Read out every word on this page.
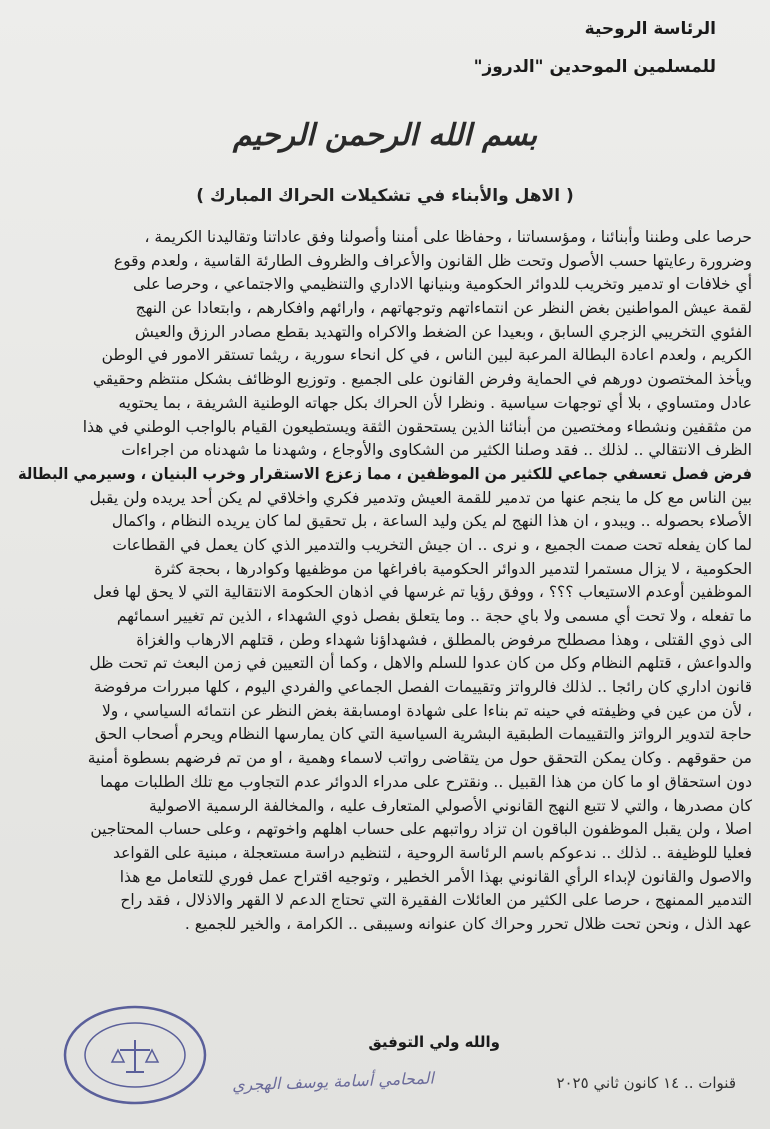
الرئاسة الروحية
للمسلمين الموحدين "الدروز"
بسم الله الرحمن الرحيم
( الاهل والأبناء في تشكيلات الحراك المبارك )
حرصا على وطننا وأبنائنا ، ومؤسساتنا ، وحفاظا على أمننا وأصولنا وفق عاداتنا وتقاليدنا الكريمة ،
وضرورة رعايتها حسب الأصول وتحت ظل القانون والأعراف والظروف الطارئة القاسية ، ولعدم وقوع
أي خلافات او تدمير وتخريب للدوائر الحكومية وبنيانها الاداري والتنظيمي والاجتماعي ، وحرصا على
لقمة عيش المواطنين بغض النظر عن انتماءاتهم وتوجهاتهم ، وارائهم وافكارهم ، وابتعادا عن النهج
الفئوي التخريبي الزجري السابق ، وبعيدا عن الضغط والاكراه والتهديد بقطع مصادر الرزق والعيش
الكريم ، ولعدم اعادة البطالة المرعبة لبين الناس ، في كل انحاء سورية ، ريثما تستقر الامور في الوطن
ويأخذ المختصون دورهم في الحماية وفرض القانون على الجميع . وتوزيع الوظائف بشكل منتظم وحقيقي
عادل ومتساوي ، بلا أي توجهات سياسية . ونظرا لأن الحراك بكل جهاته الوطنية الشريفة ، بما يحتويه
من مثقفين ونشطاء ومختصين من أبنائنا الذين يستحقون الثقة ويستطيعون القيام بالواجب الوطني في هذا
الظرف الانتقالي .. لذلك .. فقد وصلنا الكثير من الشكاوى والأوجاع ، وشهدنا ما شهدناه من اجراءات
فرض فصل تعسفي جماعي للكثير من الموظفين ، مما زعزع الاستقرار وخرب البنيان ، وسيرمي البطالة
بين الناس مع كل ما ينجم عنها من تدمير للقمة العيش وتدمير فكري واخلاقي لم يكن أحد يريده ولن يقبل
الأصلاء بحصوله .. ويبدو ، ان هذا النهج لم يكن وليد الساعة ، بل تحقيق لما كان يريده النظام ، واكمال
لما كان يفعله تحت صمت الجميع ، و نرى .. ان جيش التخريب والتدمير الذي كان يعمل في القطاعات
الحكومية ، لا يزال مستمرا لتدمير الدوائر الحكومية بافراغها من موظفيها وكوادرها ، بحجة كثرة
الموظفين أوعدم الاستيعاب ؟؟؟ ، ووفق رؤيا تم غرسها في اذهان الحكومة الانتقالية التي لا يحق لها فعل
ما تفعله ، ولا تحت أي مسمى ولا باي حجة .. وما يتعلق بفصل ذوي الشهداء ، الذين تم تغيير اسمائهم
الى ذوي القتلى ، وهذا مصطلح مرفوض بالمطلق ، فشهداؤنا شهداء وطن ، قتلهم الارهاب والغزاة
والدواعش ، قتلهم النظام وكل من كان عدوا للسلم والاهل ، وكما أن التعيين في زمن البعث تم تحت ظل
قانون اداري كان رائجا .. لذلك فالرواتز وتقييمات الفصل الجماعي والفردي اليوم ، كلها مبررات مرفوضة
، لأن من عين في وظيفته في حينه تم بناءا على شهادة اومسابقة بغض النظر عن انتمائه السياسي ، ولا
حاجة لتدوير الرواتز والتقييمات الطبقية البشرية السياسية التي كان يمارسها النظام ويحرم أصحاب الحق
من حقوقهم . وكان يمكن التحقق حول من يتقاضى رواتب لاسماء وهمية ، او من تم فرضهم بسطوة أمنية
دون استحقاق او ما كان من هذا القبيل .. ونقترح على مدراء الدوائر عدم التجاوب مع تلك الطلبات مهما
كان مصدرها ، والتي لا تتبع النهج القانوني الأصولي المتعارف عليه ، والمخالفة الرسمية الاصولية
اصلا ، ولن يقبل الموظفون الباقون ان تزاد رواتبهم على حساب اهلهم واخوتهم ، وعلى حساب المحتاجين
فعليا للوظيفة .. لذلك .. ندعوكم باسم الرئاسة الروحية ، لتنظيم دراسة مستعجلة ، مبنية على القواعد
والاصول والقانون لإبداء الرأي القانوني بهذا الأمر الخطير ، وتوجيه اقتراح عمل فوري للتعامل مع هذا
التدمير الممنهج ، حرصا على الكثير من العائلات الفقيرة التي تحتاج الدعم لا القهر والاذلال ، فقد راح
عهد الذل ، ونحن تحت ظلال تحرر وحراك كان عنوانه وسيبقى .. الكرامة ، والخير للجميع .
والله ولي التوفيق
المحامي أسامة يوسف الهجري	قنوات .. ١٤ كانون ثاني ٢٠٢٥
